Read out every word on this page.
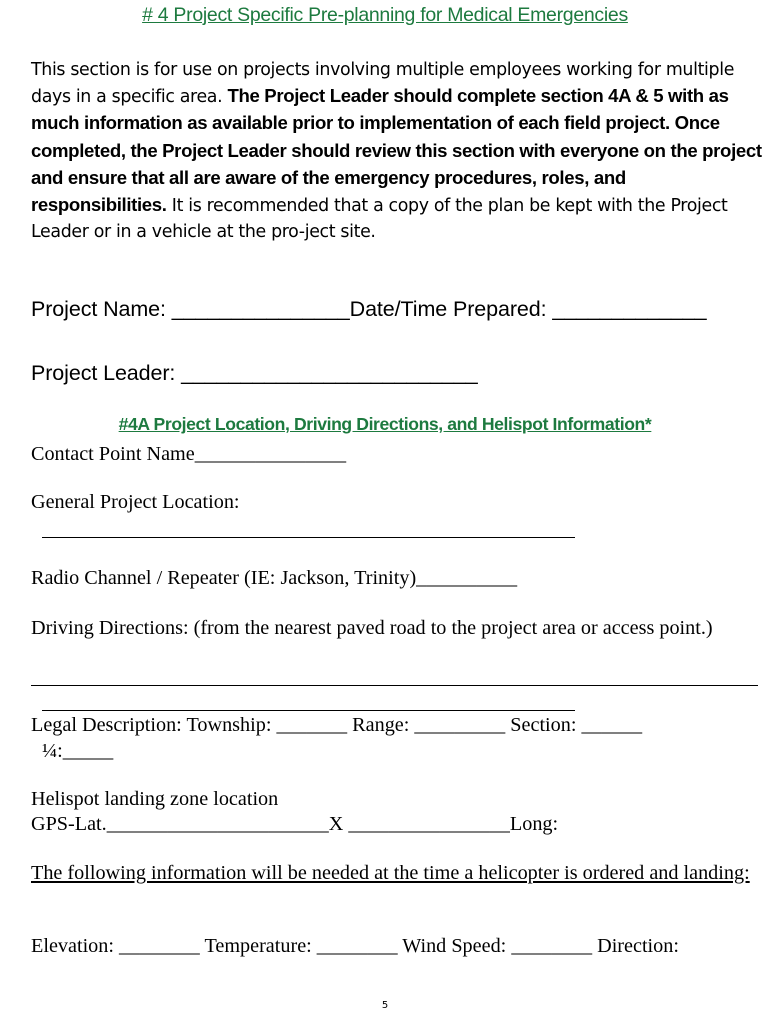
# 4 Project Specific Pre-planning for Medical Emergencies

This section is for use on projects involving multiple employees working for multiple days in a specific area. The Project Leader should complete section 4A & 5 with as much information as available prior to implementation of each field project. Once completed, the Project Leader should review this section with everyone on the project and ensure that all are aware of the emergency procedures, roles, and responsibilities. It is recommended that a copy of the plan be kept with the Project Leader or in a vehicle at the pro-ject site.

Project Name: _______________Date/Time Prepared: _____________

Project Leader: _________________________

#4A Project Location, Driving Directions, and Helispot Information*

Contact Point Name_______________

General Project Location:

Radio Channel / Repeater (IE: Jackson, Trinity)__________

Driving Directions: (from the nearest paved road to the project area or access point.)

Legal Description: Township: _______ Range: _________ Section: ______

¼:_____

Helispot landing zone location

GPS-Lat.______________________X ________________Long:

The following information will be needed at the time a helicopter is ordered and landing:

Elevation: ________ Temperature: ________ Wind Speed: ________ Direction:

5
